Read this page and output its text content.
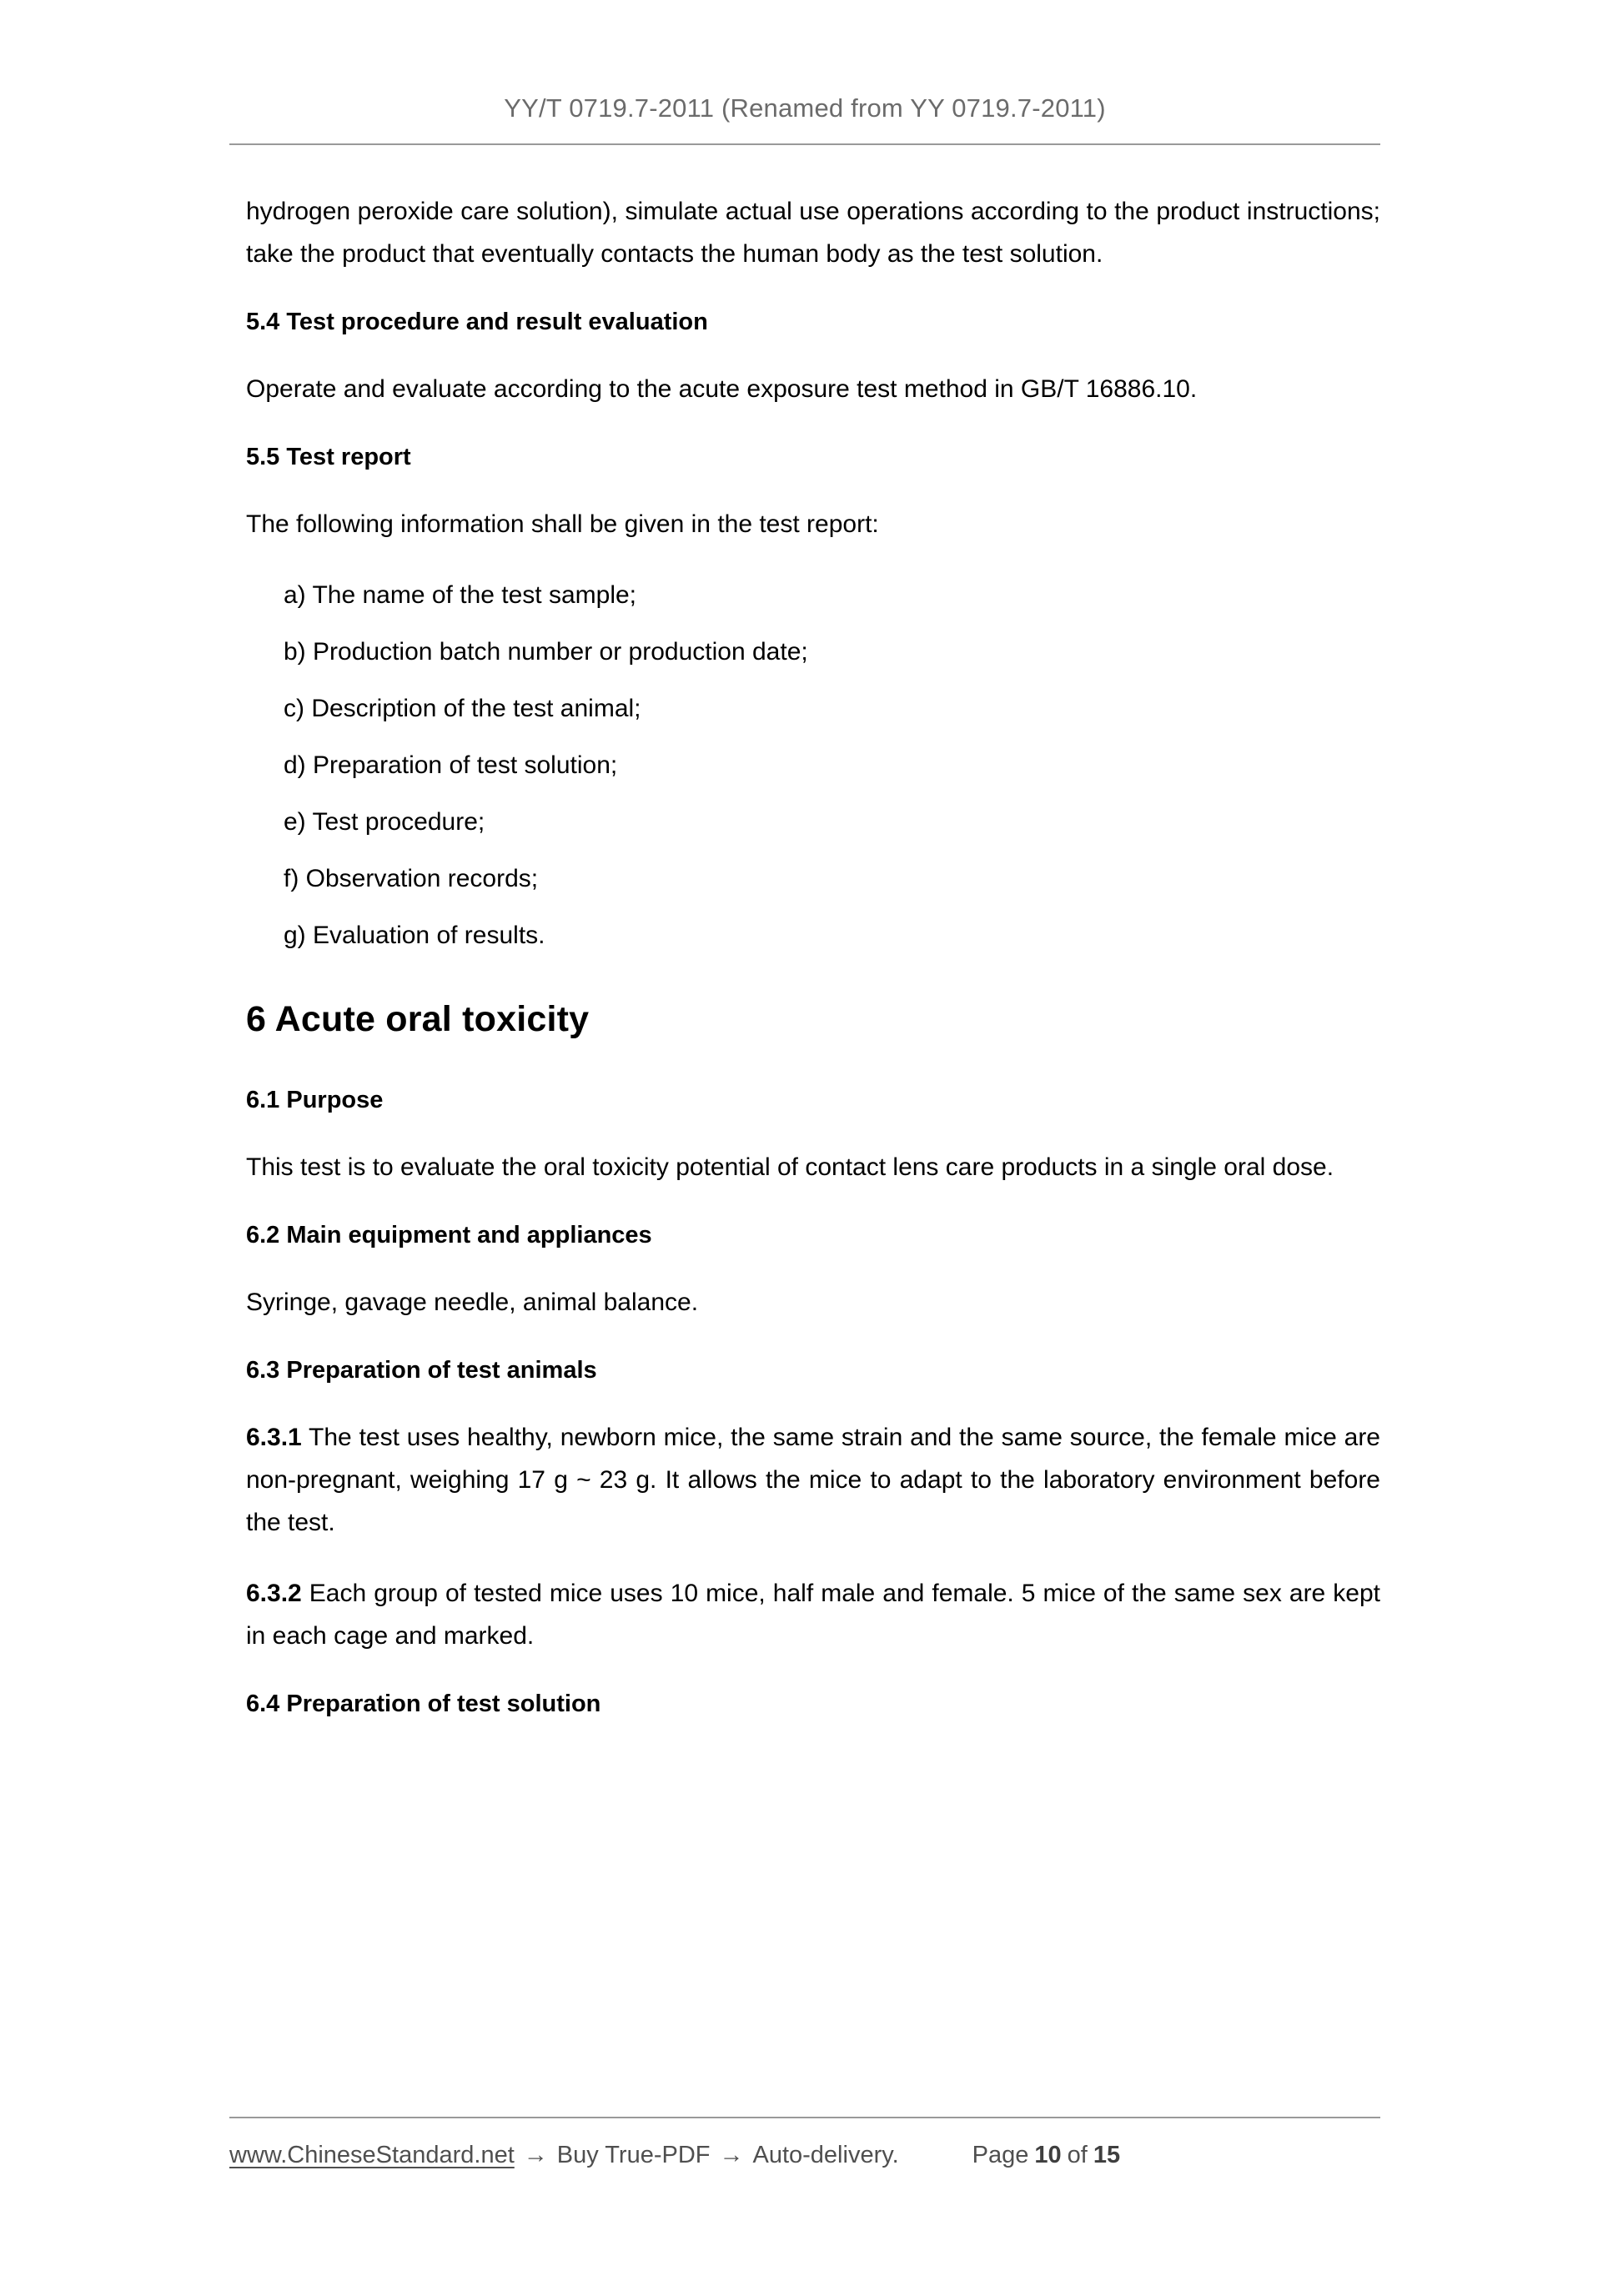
YY/T 0719.7-2011 (Renamed from YY 0719.7-2011)

hydrogen peroxide care solution), simulate actual use operations according to the product instructions; take the product that eventually contacts the human body as the test solution.

5.4 Test procedure and result evaluation

Operate and evaluate according to the acute exposure test method in GB/T 16886.10.

5.5 Test report

The following information shall be given in the test report:

a) The name of the test sample;
b) Production batch number or production date;
c) Description of the test animal;
d) Preparation of test solution;
e) Test procedure;
f) Observation records;
g) Evaluation of results.
6 Acute oral toxicity
6.1 Purpose

This test is to evaluate the oral toxicity potential of contact lens care products in a single oral dose.

6.2 Main equipment and appliances

Syringe, gavage needle, animal balance.

6.3 Preparation of test animals

6.3.1 The test uses healthy, newborn mice, the same strain and the same source, the female mice are non-pregnant, weighing 17 g ~ 23 g. It allows the mice to adapt to the laboratory environment before the test.

6.3.2 Each group of tested mice uses 10 mice, half male and female. 5 mice of the same sex are kept in each cage and marked.

6.4 Preparation of test solution
www.ChineseStandard.net → Buy True-PDF → Auto-delivery.	Page 10 of 15
